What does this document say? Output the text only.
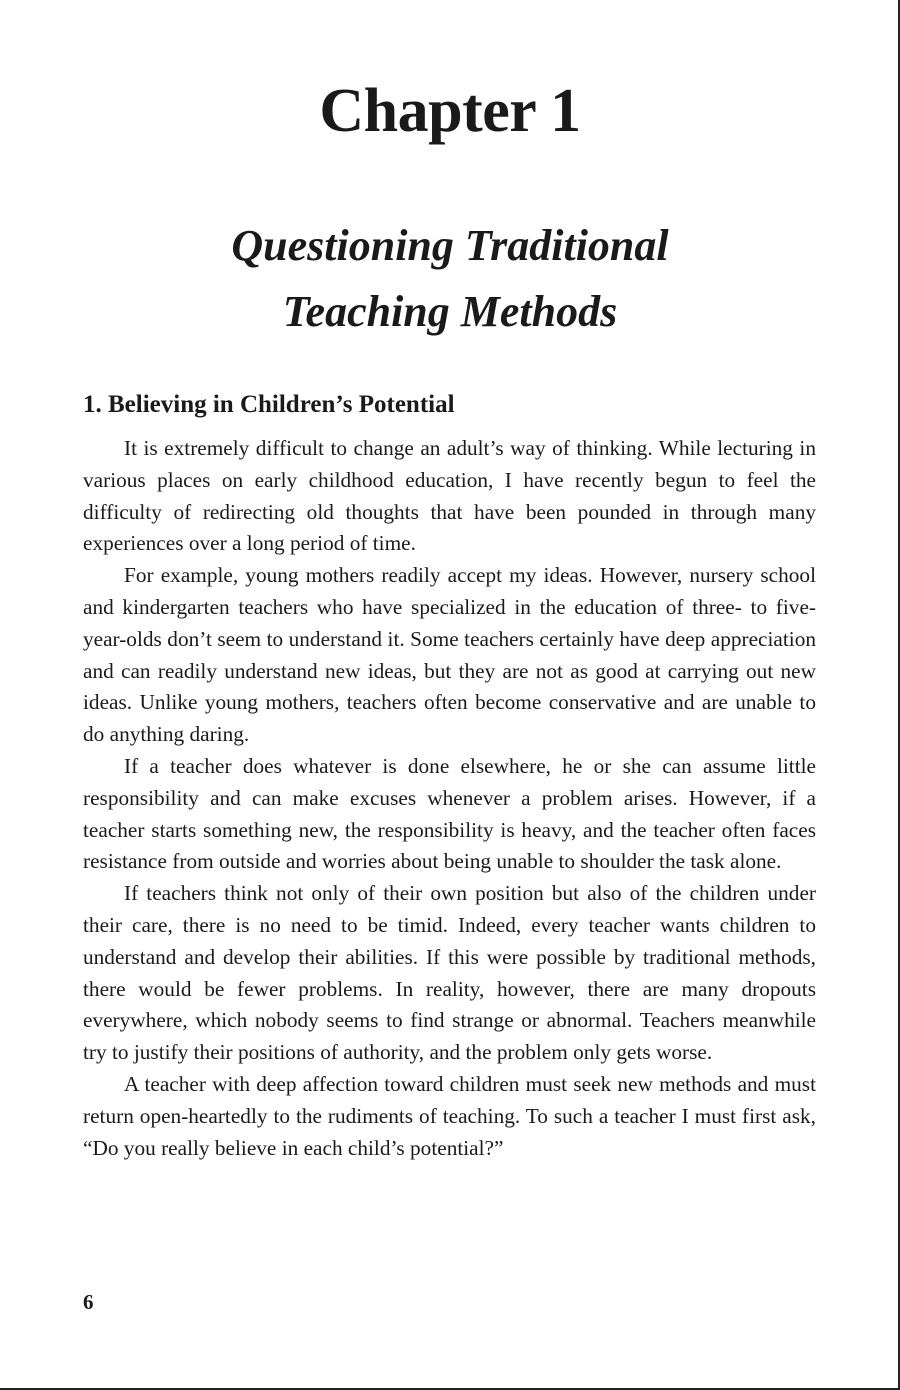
Chapter 1
Questioning Traditional
Teaching Methods
1. Believing in Children’s Potential

It is extremely difficult to change an adult’s way of thinking. While lecturing in various places on early childhood education, I have recently begun to feel the difficulty of redirecting old thoughts that have been pounded in through many experiences over a long period of time.

For example, young mothers readily accept my ideas. However, nursery school and kindergarten teachers who have specialized in the education of three- to five-year-olds don’t seem to understand it. Some teachers certainly have deep appreciation and can readily understand new ideas, but they are not as good at carrying out new ideas. Unlike young mothers, teachers often become conservative and are unable to do anything daring.

If a teacher does whatever is done elsewhere, he or she can assume little responsibility and can make excuses whenever a problem arises. However, if a teacher starts something new, the responsibility is heavy, and the teacher often faces resistance from outside and worries about being unable to shoulder the task alone.

If teachers think not only of their own position but also of the children under their care, there is no need to be timid. Indeed, every teacher wants children to understand and develop their abilities. If this were possible by traditional methods, there would be fewer problems. In reality, however, there are many dropouts everywhere, which nobody seems to find strange or abnormal. Teachers meanwhile try to justify their positions of authority, and the problem only gets worse.

A teacher with deep affection toward children must seek new methods and must return open-heartedly to the rudiments of teaching. To such a teacher I must first ask, “Do you really believe in each child’s potential?”

6
